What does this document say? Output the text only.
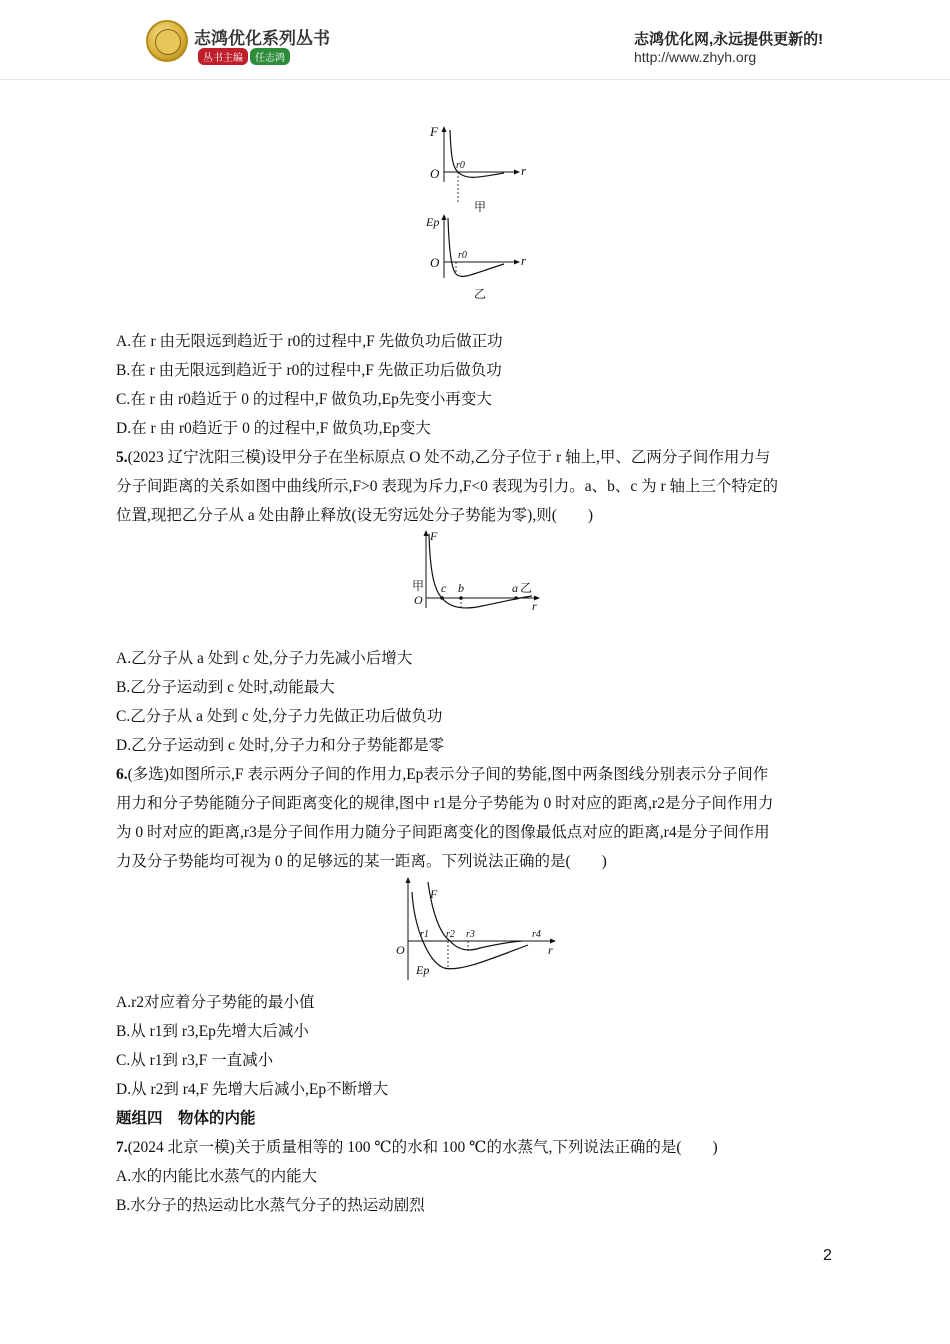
志鸿优化系列丛书
丛书主编 任志鸿
志鸿优化网,永远提供更新的!
http://www.zhyh.org
F
O
r0	r
甲
Ep
O r0	r
乙
A.在 r 由无限远到趋近于 r0的过程中,F 先做负功后做正功
B.在 r 由无限远到趋近于 r0的过程中,F 先做正功后做负功
C.在 r 由 r0趋近于 0 的过程中,F 做负功,Ep先变小再变大
D.在 r 由 r0趋近于 0 的过程中,F 做负功,Ep变大
5.(2023 辽宁沈阳三模)设甲分子在坐标原点 O 处不动,乙分子位于 r 轴上,甲、乙两分子间作用力与
分子间距离的关系如图中曲线所示,F>0 表现为斥力,F<0 表现为引力。a、b、c 为 r 轴上三个特定的
位置,现把乙分子从 a 处由静止释放(设无穷远处分子势能为零),则(　　)
F
甲
O
c b	a 乙
r
A.乙分子从 a 处到 c 处,分子力先减小后增大
B.乙分子运动到 c 处时,动能最大
C.乙分子从 a 处到 c 处,分子力先做正功后做负功
D.乙分子运动到 c 处时,分子力和分子势能都是零
6.(多选)如图所示,F 表示两分子间的作用力,Ep表示分子间的势能,图中两条图线分别表示分子间作
用力和分子势能随分子间距离变化的规律,图中 r1是分子势能为 0 时对应的距离,r2是分子间作用力
为 0 时对应的距离,r3是分子间作用力随分子间距离变化的图像最低点对应的距离,r4是分子间作用
力及分子势能均可视为 0 的足够远的某一距离。下列说法正确的是(　　)
F
O
r1 r2 r3	r4
r
Ep
A.r2对应着分子势能的最小值
B.从 r1到 r3,Ep先增大后减小
C.从 r1到 r3,F 一直减小
D.从 r2到 r4,F 先增大后减小,Ep不断增大
题组四　物体的内能
7.(2024 北京一模)关于质量相等的 100 ℃的水和 100 ℃的水蒸气,下列说法正确的是(　　)
A.水的内能比水蒸气的内能大
B.水分子的热运动比水蒸气分子的热运动剧烈
2
